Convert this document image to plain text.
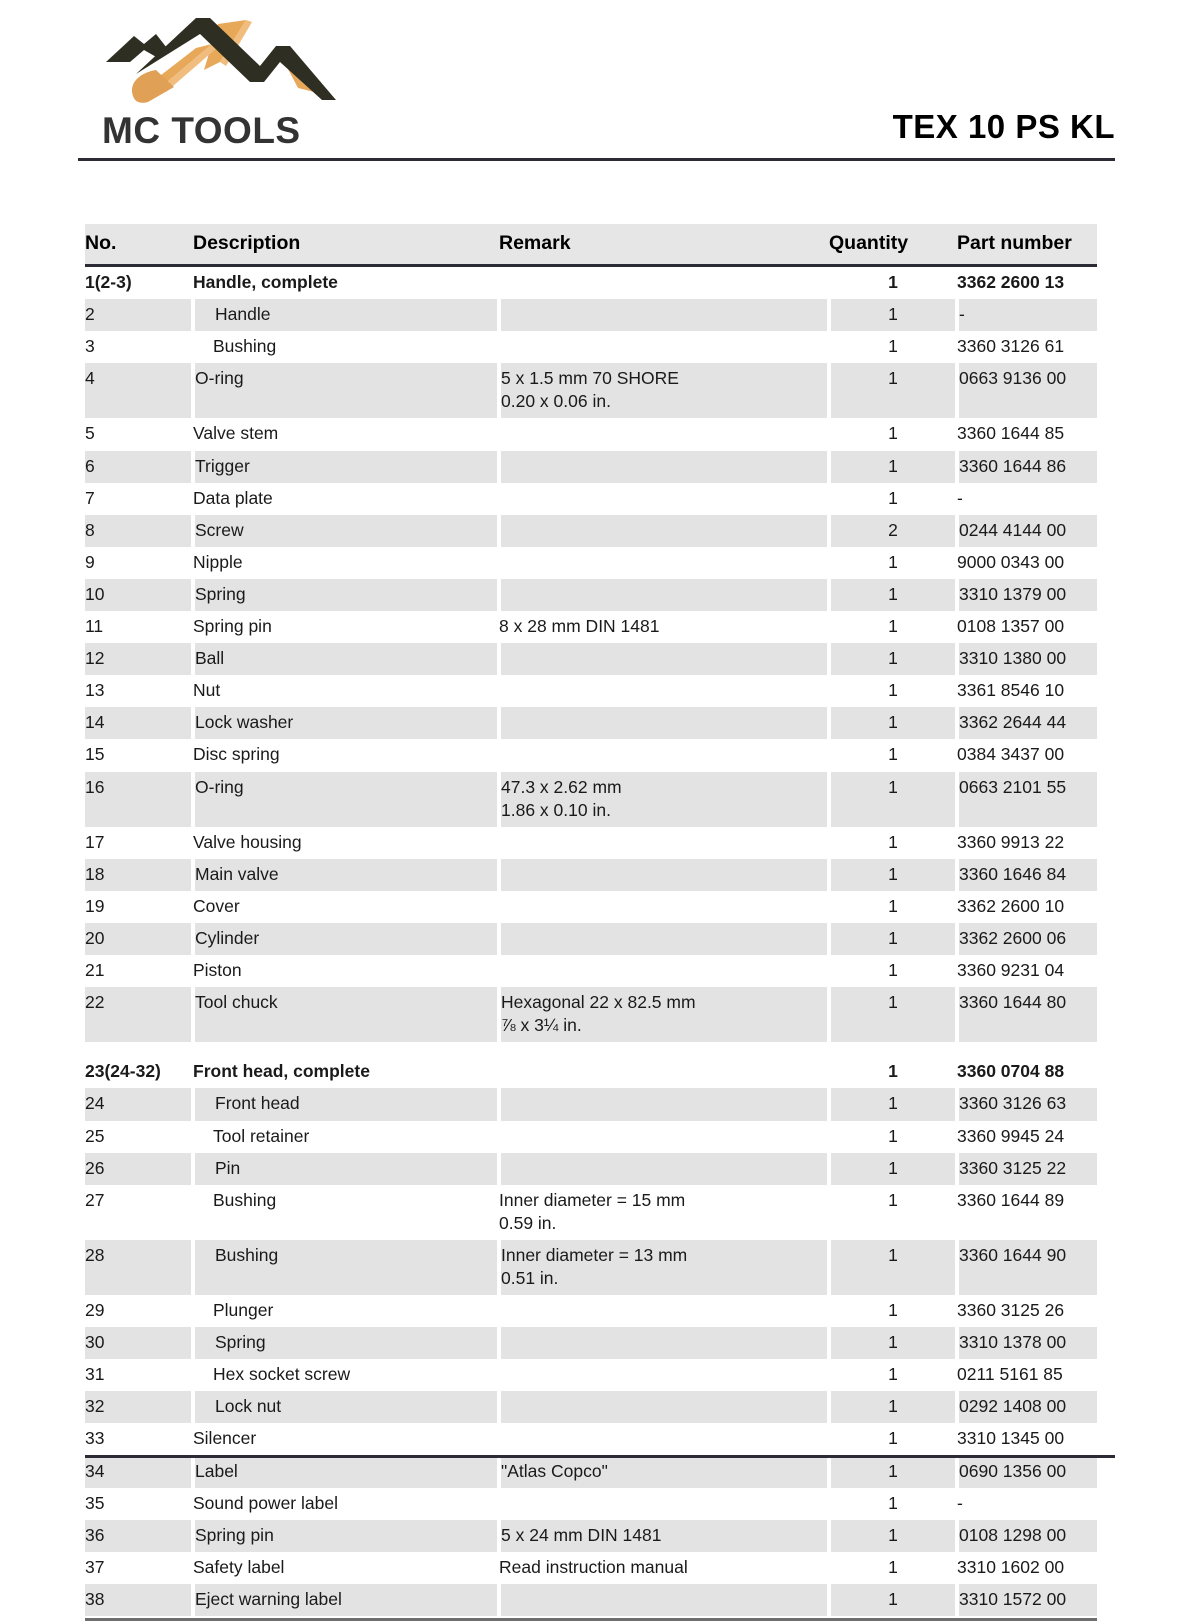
MC TOOLS	TEX 10 PS KL
No.	Description	Remark	Quantity	Part number
1(2-3)	Handle, complete		1	3362 2600 13
2	Handle		1	-
3	Bushing		1	3360 3126 61
4	O-ring	5 x 1.5 mm 70 SHORE
0.20 x 0.06 in.	1	0663 9136 00
5	Valve stem		1	3360 1644 85
6	Trigger		1	3360 1644 86
7	Data plate		1	-
8	Screw		2	0244 4144 00
9	Nipple		1	9000 0343 00
10	Spring		1	3310 1379 00
11	Spring pin	8 x 28 mm DIN 1481	1	0108 1357 00
12	Ball		1	3310 1380 00
13	Nut		1	3361 8546 10
14	Lock washer		1	3362 2644 44
15	Disc spring		1	0384 3437 00
16	O-ring	47.3 x 2.62 mm
1.86 x 0.10 in.	1	0663 2101 55
17	Valve housing		1	3360 9913 22
18	Main valve		1	3360 1646 84
19	Cover		1	3362 2600 10
20	Cylinder		1	3362 2600 06
21	Piston		1	3360 9231 04
22	Tool chuck	Hexagonal 22 x 82.5 mm
⅞ x 3¼ in.	1	3360 1644 80

23(24-32)	Front head, complete		1	3360 0704 88
24	Front head		1	3360 3126 63
25	Tool retainer		1	3360 9945 24
26	Pin		1	3360 3125 22
27	Bushing	Inner diameter = 15 mm
0.59 in.	1	3360 1644 89
28	Bushing	Inner diameter = 13 mm
0.51 in.	1	3360 1644 90
29	Plunger		1	3360 3125 26
30	Spring		1	3310 1378 00
31	Hex socket screw		1	0211 5161 85
32	Lock nut		1	0292 1408 00
33	Silencer		1	3310 1345 00
34	Label	"Atlas Copco"	1	0690 1356 00
35	Sound power label		1	-
36	Spring pin	5 x 24 mm DIN 1481	1	0108 1298 00
37	Safety label	Read instruction manual	1	3310 1602 00
38	Eject warning label		1	3310 1572 00
